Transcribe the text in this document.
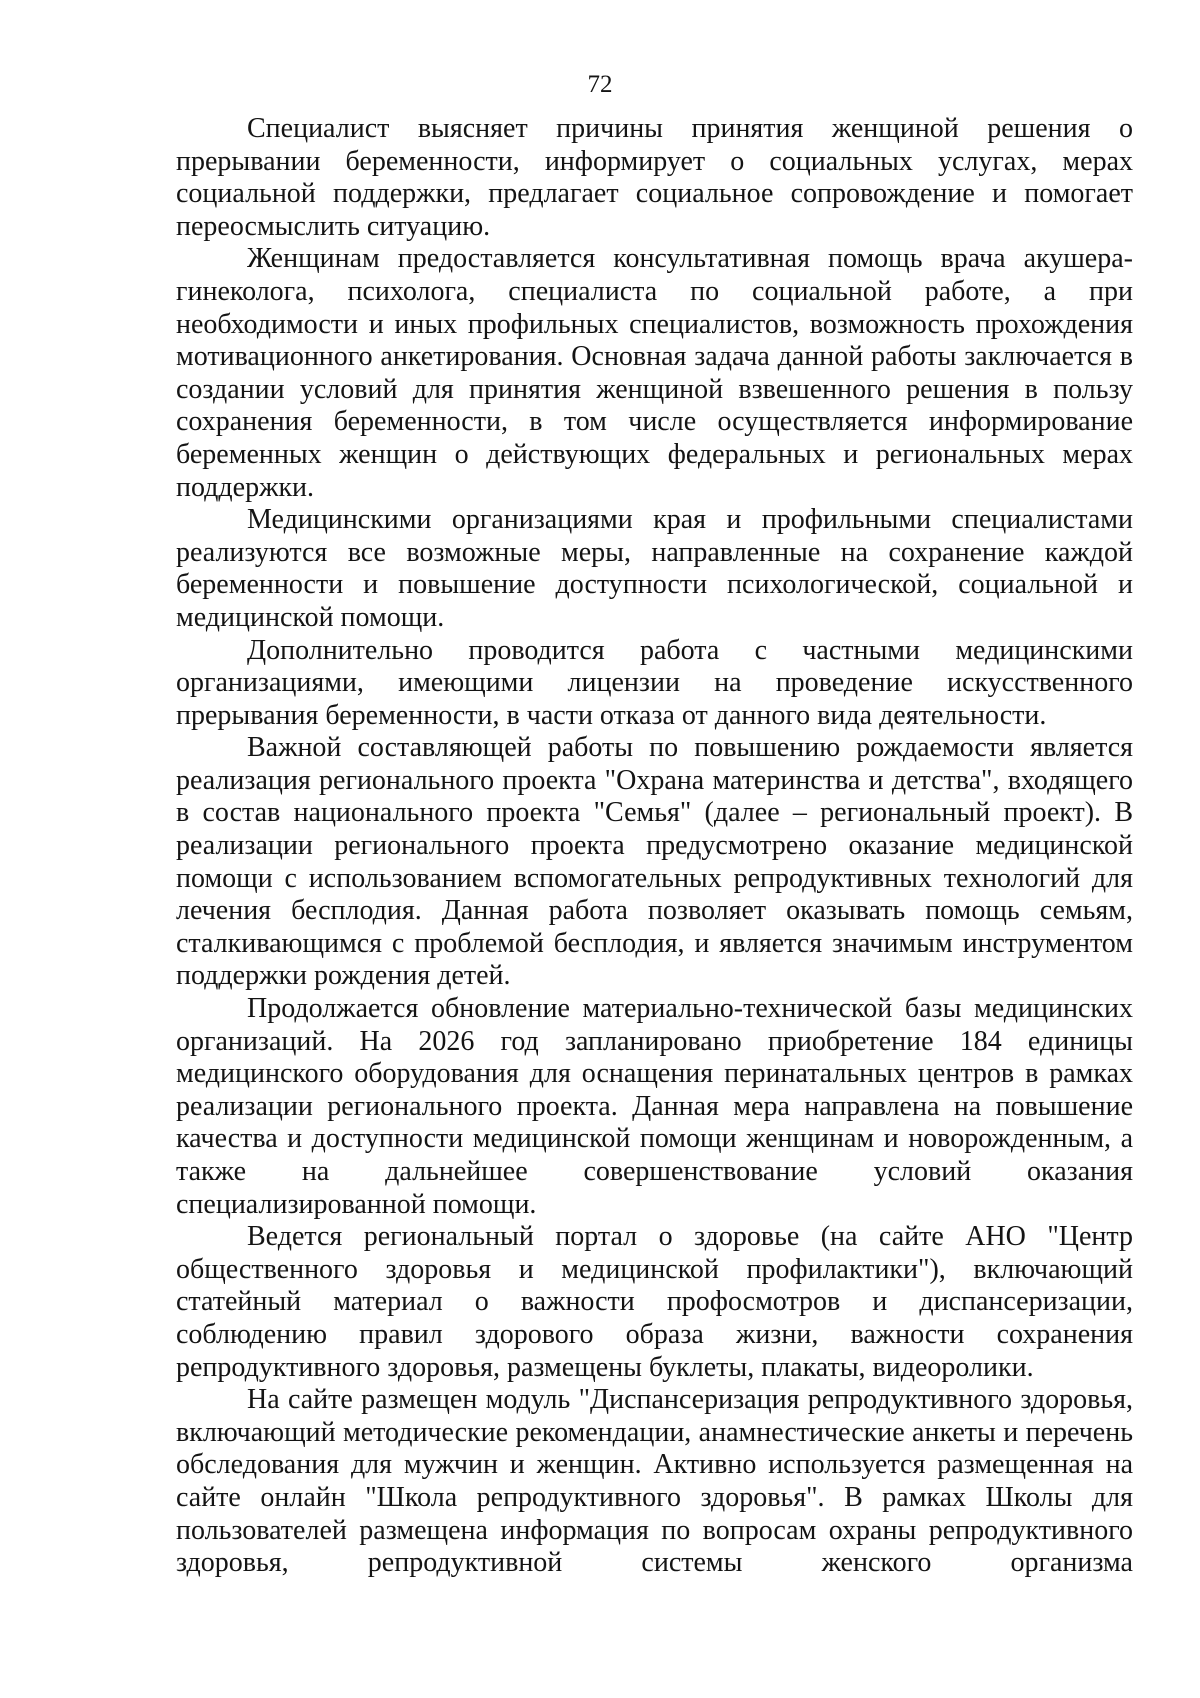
72

Специалист выясняет причины принятия женщиной решения о прерывании беременности, информирует о социальных услугах, мерах социальной поддержки, предлагает социальное сопровождение и помогает переосмыслить ситуацию.

Женщинам предоставляется консультативная помощь врача акушера-гинеколога, психолога, специалиста по социальной работе, а при необходимости и иных профильных специалистов, возможность прохождения мотивационного анкетирования. Основная задача данной работы заключается в создании условий для принятия женщиной взвешенного решения в пользу сохранения беременности, в том числе осуществляется информирование беременных женщин о действующих федеральных и региональных мерах поддержки.

Медицинскими организациями края и профильными специалистами реализуются все возможные меры, направленные на сохранение каждой беременности и повышение доступности психологической, социальной и медицинской помощи.

Дополнительно проводится работа с частными медицинскими организациями, имеющими лицензии на проведение искусственного прерывания беременности, в части отказа от данного вида деятельности.

Важной составляющей работы по повышению рождаемости является реализация регионального проекта "Охрана материнства и детства", входящего в состав национального проекта "Семья" (далее – региональный проект). В реализации регионального проекта предусмотрено оказание медицинской помощи с использованием вспомогательных репродуктивных технологий для лечения бесплодия. Данная работа позволяет оказывать помощь семьям, сталкивающимся с проблемой бесплодия, и является значимым инструментом поддержки рождения детей.

Продолжается обновление материально-технической базы медицинских организаций. На 2026 год запланировано приобретение 184 единицы медицинского оборудования для оснащения перинатальных центров в рамках реализации регионального проекта. Данная мера направлена на повышение качества и доступности медицинской помощи женщинам и новорожденным, а также на дальнейшее совершенствование условий оказания специализированной помощи.

Ведется региональный портал о здоровье (на сайте АНО "Центр общественного здоровья и медицинской профилактики"), включающий статейный материал о важности профосмотров и диспансеризации, соблюдению правил здорового образа жизни, важности сохранения репродуктивного здоровья, размещены буклеты, плакаты, видеоролики.

На сайте размещен модуль "Диспансеризация репродуктивного здоровья, включающий методические рекомендации, анамнестические анкеты и перечень обследования для мужчин и женщин. Активно используется размещенная на сайте онлайн "Школа репродуктивного здоровья". В рамках Школы для пользователей размещена информация по вопросам охраны репродуктивного здоровья, репродуктивной системы женского организма
